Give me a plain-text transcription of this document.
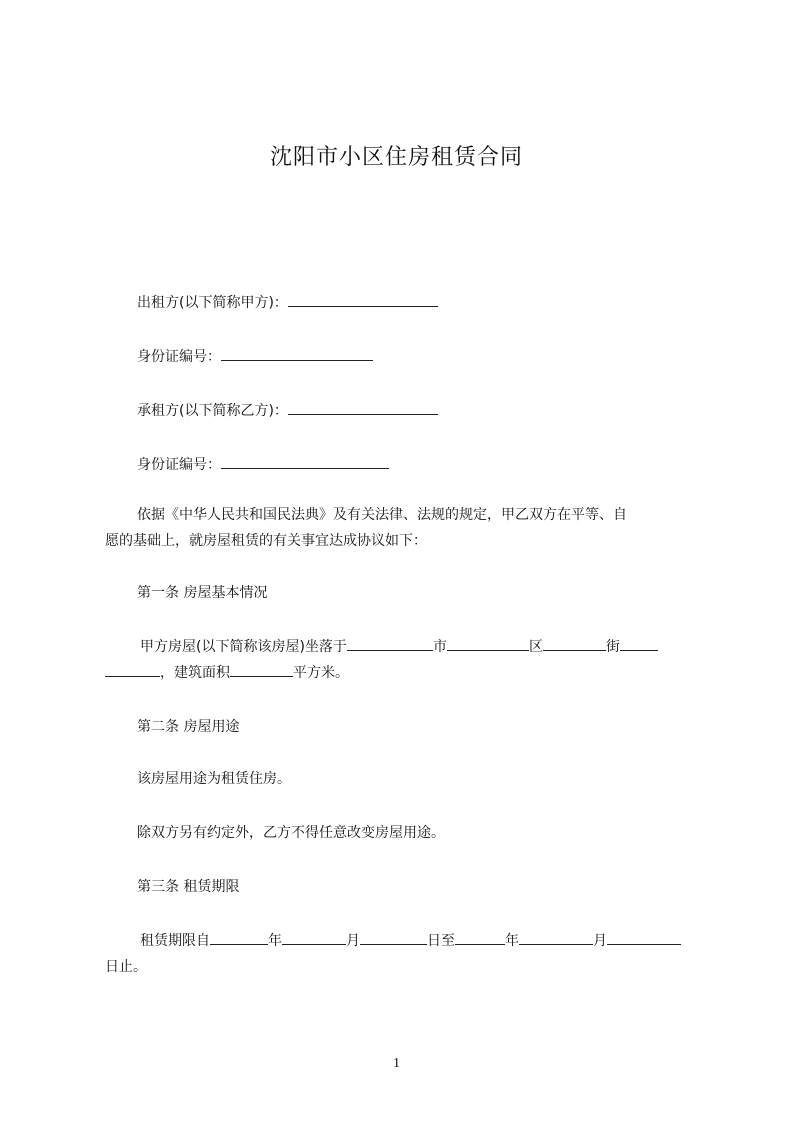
沈阳市小区住房租赁合同
出租方(以下简称甲方)：
身份证编号：
承租方(以下简称乙方)：
身份证编号：
依据《中华人民共和国民法典》及有关法律、法规的规定，甲乙双方在平等、自
愿的基础上，就房屋租赁的有关事宜达成协议如下：
第一条 房屋基本情况
甲方房屋(以下简称该房屋)坐落于	市	区	街
，建筑面积	平方米。
第二条 房屋用途
该房屋用途为租赁住房。
除双方另有约定外，乙方不得任意改变房屋用途。
第三条 租赁期限
租赁期限自	年	月	日至	年	月
日止。
1
